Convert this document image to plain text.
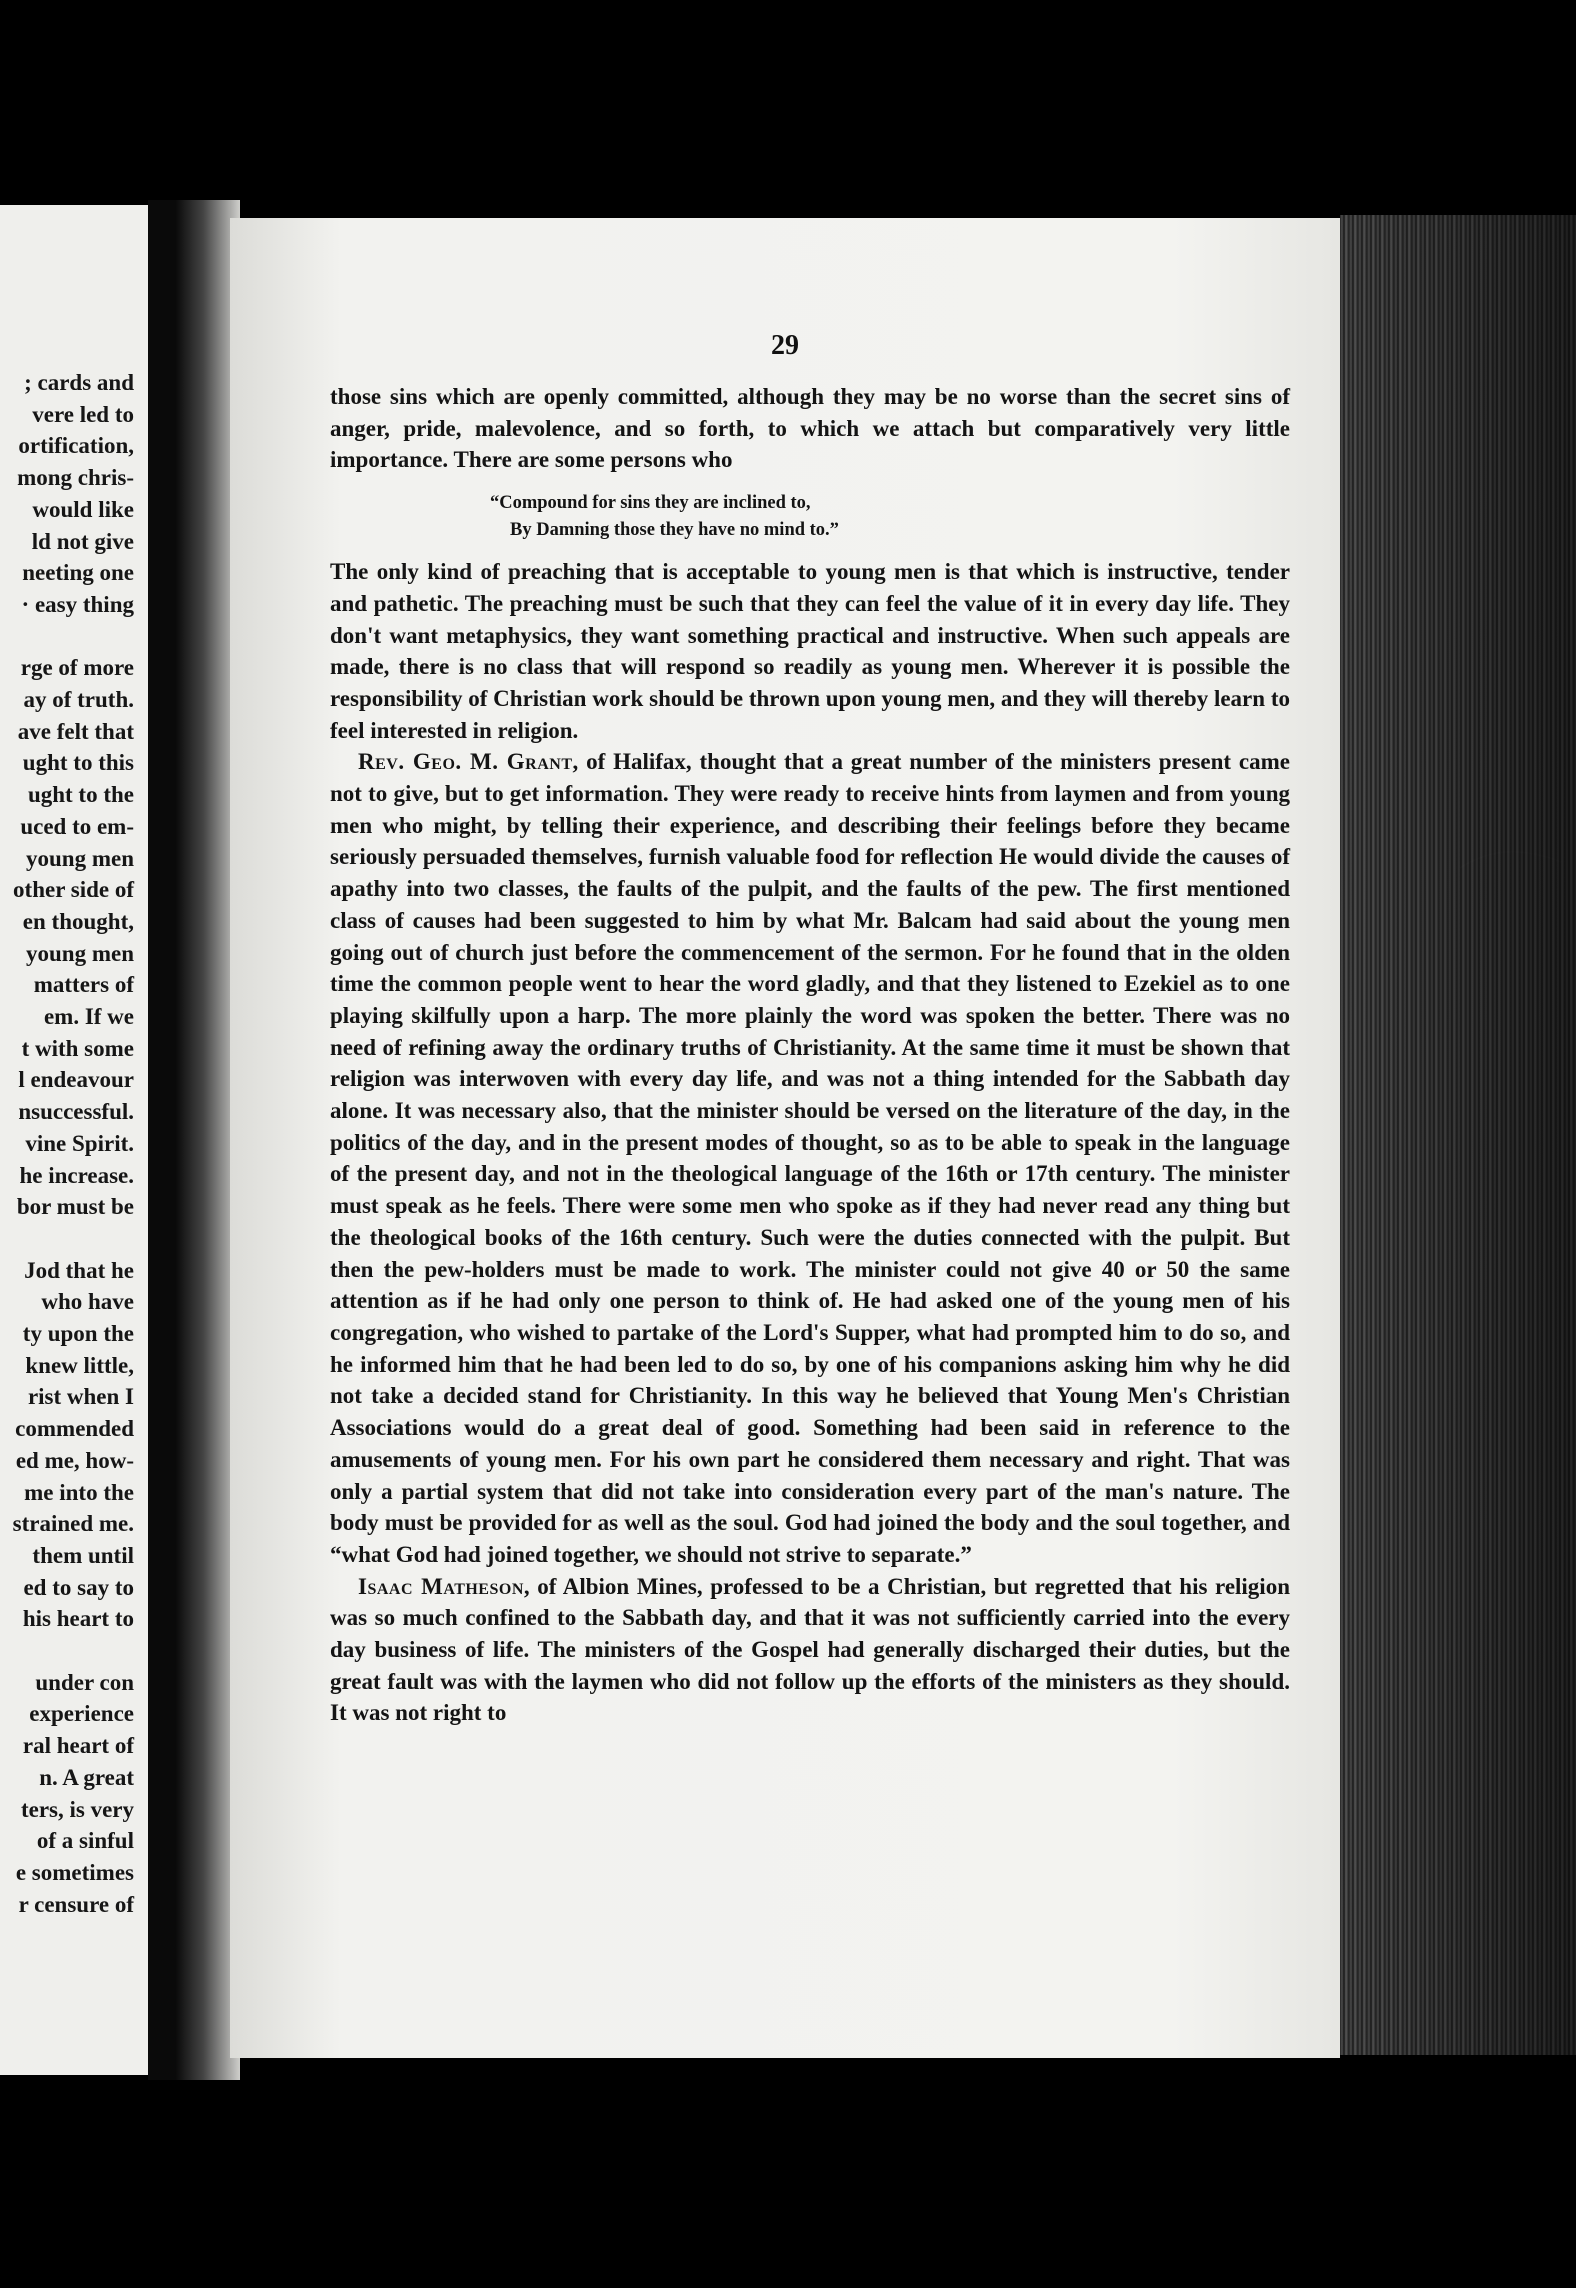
; cards and
vere led to
ortification,
mong chris-
would like
ld not give
neeting one
· easy thing
rge of more
ay of truth.
ave felt that
ught to this
ught to the
uced to em-
young men
other side of
en thought,
young men
matters of
em. If we
t with some
l endeavour
nsuccessful.
vine Spirit.
he increase.
bor must be
Jod that he
who have
ty upon the
knew little,
rist when I
commended
ed me, how-
me into the
strained me.
them until
ed to say to
his heart to
under con
experience
ral heart of
n. A great
ters, is very
of a sinful
e sometimes
r censure of
29

those sins which are openly committed, although they may be no worse than the secret sins of anger, pride, malevolence, and so forth, to which we attach but comparatively very little importance. There are some persons who

“Compound for sins they are inclined to,
By Damning those they have no mind to.”

The only kind of preaching that is acceptable to young men is that which is instructive, tender and pathetic. The preaching must be such that they can feel the value of it in every day life. They don't want metaphysics, they want something practical and instructive. When such appeals are made, there is no class that will respond so readily as young men. Wherever it is possible the responsibility of Christian work should be thrown upon young men, and they will thereby learn to feel interested in religion.

Rev. Geo. M. Grant, of Halifax, thought that a great number of the ministers present came not to give, but to get information. They were ready to receive hints from laymen and from young men who might, by telling their experience, and describing their feelings before they became seriously persuaded themselves, furnish valuable food for reflection He would divide the causes of apathy into two classes, the faults of the pulpit, and the faults of the pew. The first mentioned class of causes had been suggested to him by what Mr. Balcam had said about the young men going out of church just before the commencement of the sermon. For he found that in the olden time the common people went to hear the word gladly, and that they listened to Ezekiel as to one playing skilfully upon a harp. The more plainly the word was spoken the better. There was no need of refining away the ordinary truths of Christianity. At the same time it must be shown that religion was interwoven with every day life, and was not a thing intended for the Sabbath day alone. It was necessary also, that the minister should be versed on the literature of the day, in the politics of the day, and in the present modes of thought, so as to be able to speak in the language of the present day, and not in the theological language of the 16th or 17th century. The minister must speak as he feels. There were some men who spoke as if they had never read any thing but the theological books of the 16th century. Such were the duties connected with the pulpit. But then the pew-holders must be made to work. The minister could not give 40 or 50 the same attention as if he had only one person to think of. He had asked one of the young men of his congregation, who wished to partake of the Lord's Supper, what had prompted him to do so, and he informed him that he had been led to do so, by one of his companions asking him why he did not take a decided stand for Christianity. In this way he believed that Young Men's Christian Associations would do a great deal of good. Something had been said in reference to the amusements of young men. For his own part he considered them necessary and right. That was only a partial system that did not take into consideration every part of the man's nature. The body must be provided for as well as the soul. God had joined the body and the soul together, and “what God had joined together, we should not strive to separate.”

Isaac Matheson, of Albion Mines, professed to be a Christian, but regretted that his religion was so much confined to the Sabbath day, and that it was not sufficiently carried into the every day business of life. The ministers of the Gospel had generally discharged their duties, but the great fault was with the laymen who did not follow up the efforts of the ministers as they should. It was not right to
